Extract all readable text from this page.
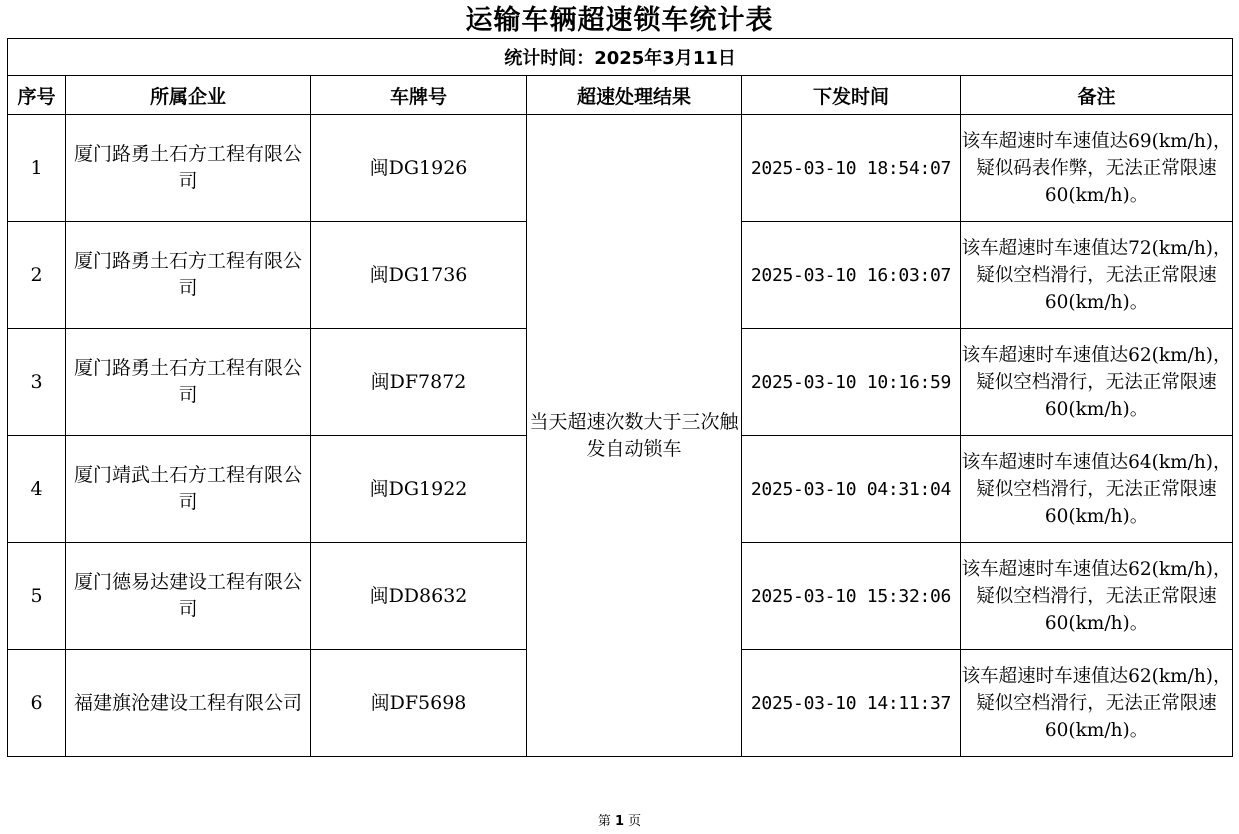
运输车辆超速锁车统计表
统计时间：2025年3月11日					
序号	所属企业	车牌号	超速处理结果	下发时间	备注
1	厦门路勇土石方工程有限公司	闽DG1926	当天超速次数大于三次触发自动锁车	2025-03-10 18:54:07	该车超速时车速值达69(km/h)，疑似码表作弊，无法正常限速60(km/h)。
2	厦门路勇土石方工程有限公司	闽DG1736		2025-03-10 16:03:07	该车超速时车速值达72(km/h)，疑似空档滑行，无法正常限速60(km/h)。
3	厦门路勇土石方工程有限公司	闽DF7872		2025-03-10 10:16:59	该车超速时车速值达62(km/h)，疑似空档滑行，无法正常限速60(km/h)。
4	厦门靖武土石方工程有限公司	闽DG1922		2025-03-10 04:31:04	该车超速时车速值达64(km/h)，疑似空档滑行，无法正常限速60(km/h)。
5	厦门德易达建设工程有限公司	闽DD8632		2025-03-10 15:32:06	该车超速时车速值达62(km/h)，疑似空档滑行，无法正常限速60(km/h)。
6	福建旗沧建设工程有限公司	闽DF5698		2025-03-10 14:11:37	该车超速时车速值达62(km/h)，疑似空档滑行，无法正常限速60(km/h)。
第 1 页
